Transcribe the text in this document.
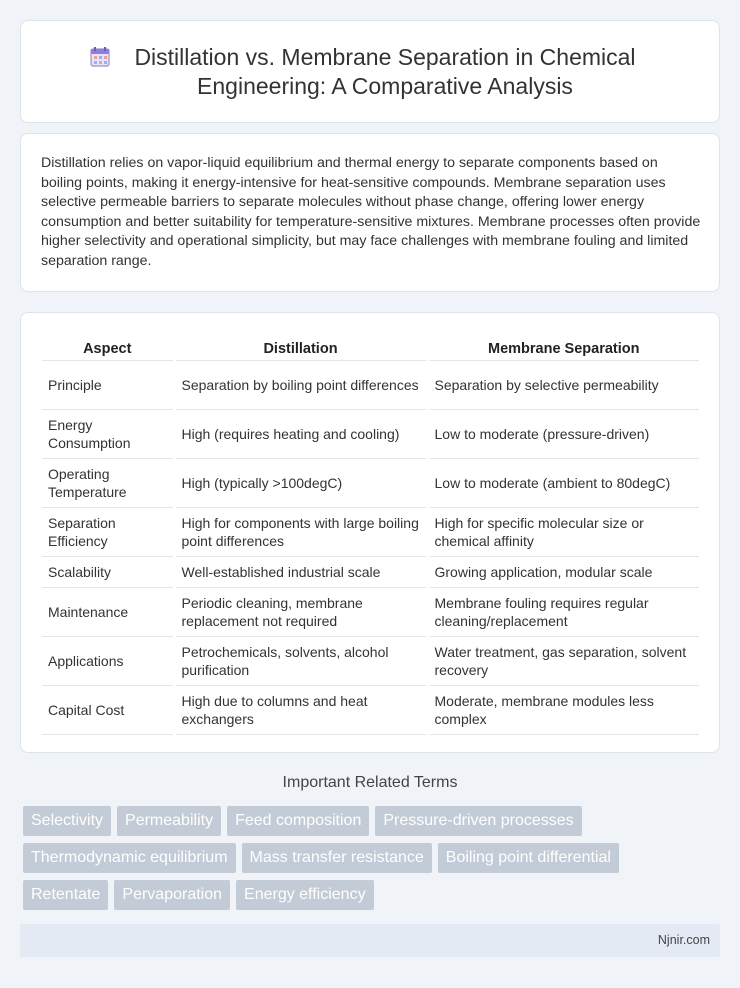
Distillation vs. Membrane Separation in Chemical
Engineering: A Comparative Analysis

Distillation relies on vapor-liquid equilibrium and thermal energy to separate components based on boiling points, making it energy-intensive for heat-sensitive compounds. Membrane separation uses selective permeable barriers to separate molecules without phase change, offering lower energy consumption and better suitability for temperature-sensitive mixtures. Membrane processes often provide higher selectivity and operational simplicity, but may face challenges with membrane fouling and limited separation range.

Aspect	Distillation	Membrane Separation
Principle	Separation by boiling point differences	Separation by selective permeability
Energy Consumption	High (requires heating and cooling)	Low to moderate (pressure-driven)
Operating Temperature	High (typically >100degC)	Low to moderate (ambient to 80degC)
Separation Efficiency	High for components with large boiling point differences	High for specific molecular size or chemical affinity
Scalability	Well-established industrial scale	Growing application, modular scale
Maintenance	Periodic cleaning, membrane replacement not required	Membrane fouling requires regular cleaning/replacement
Applications	Petrochemicals, solvents, alcohol purification	Water treatment, gas separation, solvent recovery
Capital Cost	High due to columns and heat exchangers	Moderate, membrane modules less complex
Important Related Terms
Selectivity Permeability Feed composition Pressure-driven processes
Thermodynamic equilibrium Mass transfer resistance Boiling point differential
Retentate Pervaporation Energy efficiency
Njnir.com
